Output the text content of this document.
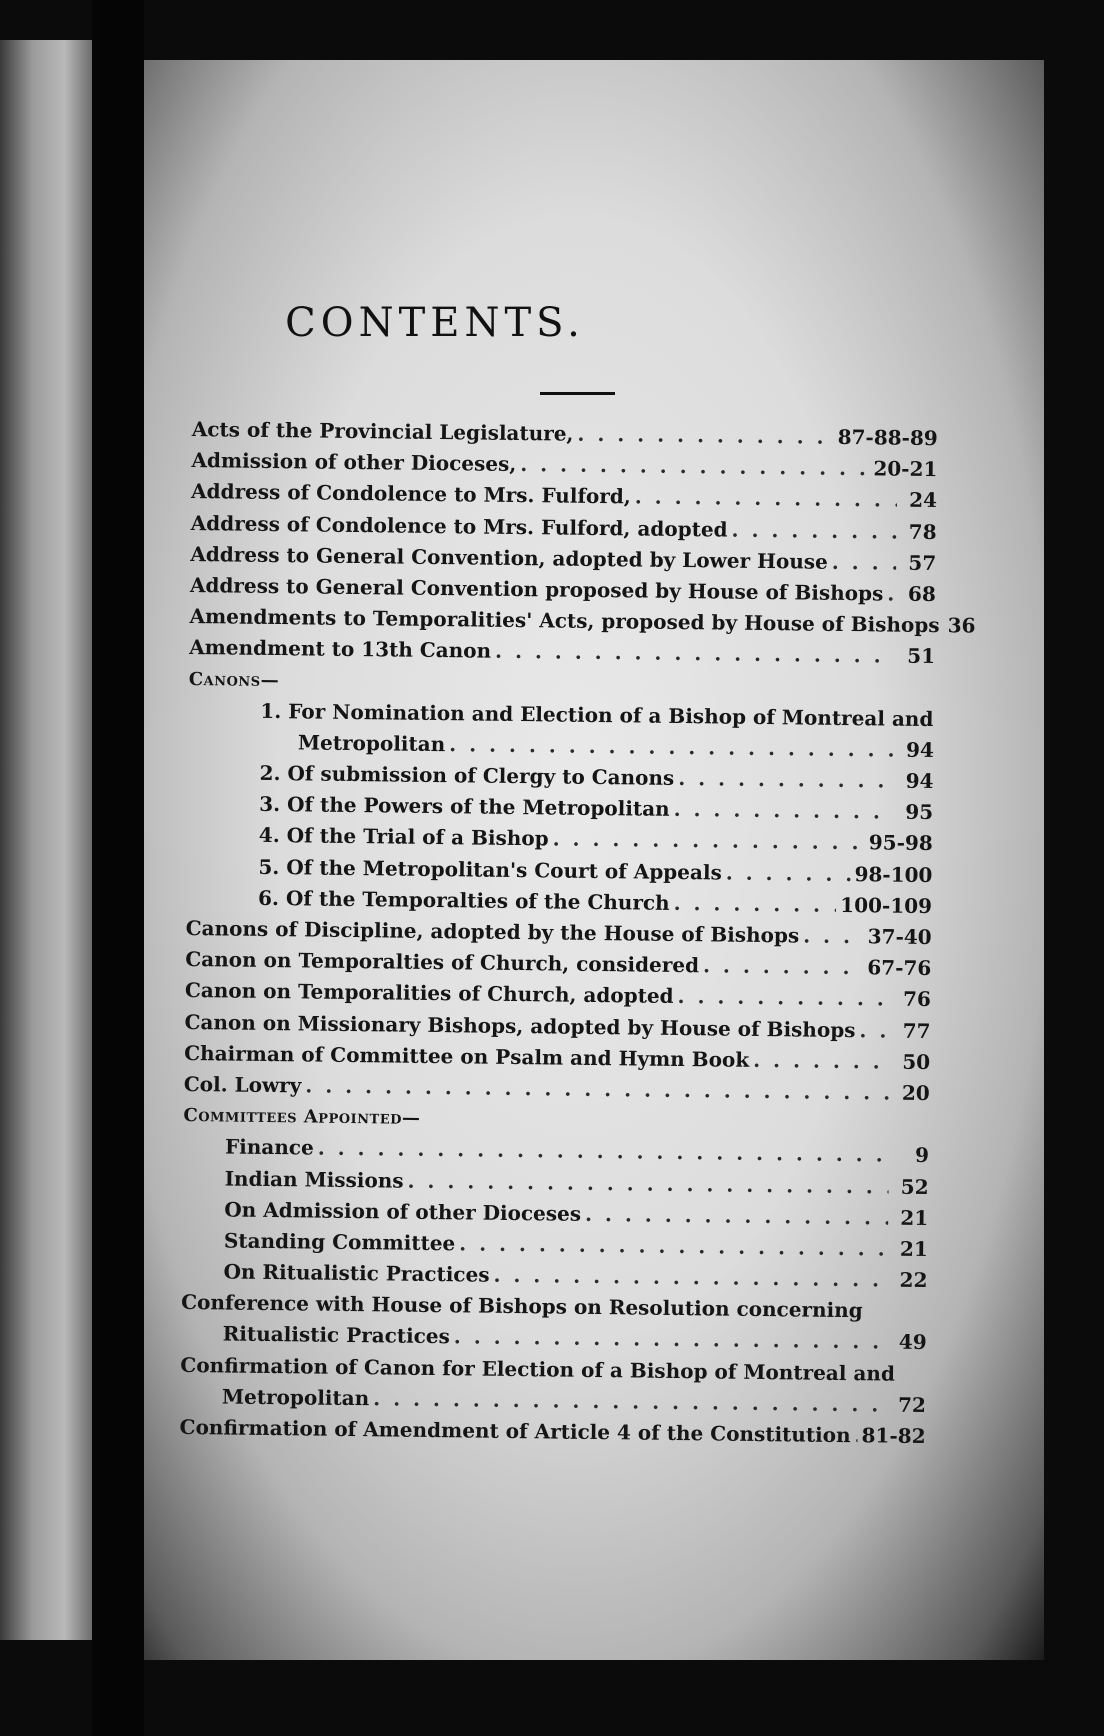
CONTENTS.
Acts of the Provincial Legislature, . . .	87-88-89
Admission of other Dioceses, . . .	20-21
Address of Condolence to Mrs. Fulford, . . .	24
Address of Condolence to Mrs. Fulford, adopted . . .	78
Address to General Convention, adopted by Lower House . . .	57
Address to General Convention proposed by House of Bishops . . .	68
Amendments to Temporalities' Acts, proposed by House of Bishops 36
Amendment to 13th Canon . . .	51
Canons—
1. For Nomination and Election of a Bishop of Montreal and
Metropolitan . . .	94
2. Of submission of Clergy to Canons . . .	94
3. Of the Powers of the Metropolitan . . .	95
4. Of the Trial of a Bishop . . .	95-98
5. Of the Metropolitan's Court of Appeals . . .	98-100
6. Of the Temporalties of the Church . . .	100-109
Canons of Discipline, adopted by the House of Bishops . . .	37-40
Canon on Temporalties of Church, considered . . .	67-76
Canon on Temporalities of Church, adopted . . .	76
Canon on Missionary Bishops, adopted by House of Bishops . . .	77
Chairman of Committee on Psalm and Hymn Book . . .	50
Col. Lowry . . .	20
Committees Appointed—
Finance . . .	9
Indian Missions . . .	52
On Admission of other Dioceses . . .	21
Standing Committee . . .	21
On Ritualistic Practices . . .	22
Conference with House of Bishops on Resolution concerning
Ritualistic Practices . . .	49
Confirmation of Canon for Election of a Bishop of Montreal and
Metropolitan . . .	72
Confirmation of Amendment of Article 4 of the Constitution . . . 81-82
